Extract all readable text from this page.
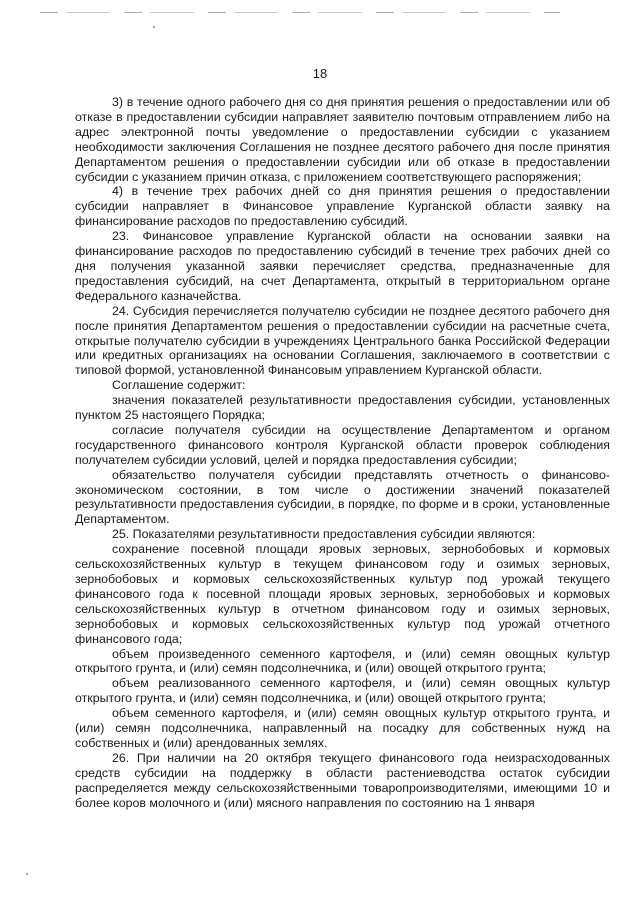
18

3) в течение одного рабочего дня со дня принятия решения о предоставлении или об отказе в предоставлении субсидии направляет заявителю почтовым отправлением либо на адрес электронной почты уведомление о предоставлении субсидии с указанием необходимости заключения Соглашения не позднее десятого рабочего дня после принятия Департаментом решения о предоставлении субсидии или об отказе в предоставлении субсидии с указанием причин отказа, с приложением соответствующего распоряжения;

4) в течение трех рабочих дней со дня принятия решения о предоставлении субсидии направляет в Финансовое управление Курганской области заявку на финансирование расходов по предоставлению субсидий.

23. Финансовое управление Курганской области на основании заявки на финансирование расходов по предоставлению субсидий в течение трех рабочих дней со дня получения указанной заявки перечисляет средства, предназначенные для предоставления субсидий, на счет Департамента, открытый в территориальном органе Федерального казначейства.

24. Субсидия перечисляется получателю субсидии не позднее десятого рабочего дня после принятия Департаментом решения о предоставлении субсидии на расчетные счета, открытые получателю субсидии в учреждениях Центрального банка Российской Федерации или кредитных организациях на основании Соглашения, заключаемого в соответствии с типовой формой, установленной Финансовым управлением Курганской области.

Соглашение содержит:

значения показателей результативности предоставления субсидии, установленных пунктом 25 настоящего Порядка;

согласие получателя субсидии на осуществление Департаментом и органом государственного финансового контроля Курганской области проверок соблюдения получателем субсидии условий, целей и порядка предоставления субсидии;

обязательство получателя субсидии представлять отчетность о финансово-экономическом состоянии, в том числе о достижении значений показателей результативности предоставления субсидии, в порядке, по форме и в сроки, установленные Департаментом.

25. Показателями результативности предоставления субсидии являются:

сохранение посевной площади яровых зерновых, зернобобовых и кормовых сельскохозяйственных культур в текущем финансовом году и озимых зерновых, зернобобовых и кормовых сельскохозяйственных культур под урожай текущего финансового года к посевной площади яровых зерновых, зернобобовых и кормовых сельскохозяйственных культур в отчетном финансовом году и озимых зерновых, зернобобовых и кормовых сельскохозяйственных культур под урожай отчетного финансового года;

объем произведенного семенного картофеля, и (или) семян овощных культур открытого грунта, и (или) семян подсолнечника, и (или) овощей открытого грунта;

объем реализованного семенного картофеля, и (или) семян овощных культур открытого грунта, и (или) семян подсолнечника, и (или) овощей открытого грунта;

объем семенного картофеля, и (или) семян овощных культур открытого грунта, и (или) семян подсолнечника, направленный на посадку для собственных нужд на собственных и (или) арендованных землях.

26. При наличии на 20 октября текущего финансового года неизрасходованных средств субсидии на поддержку в области растениеводства остаток субсидии распределяется между сельскохозяйственными товаропроизводителями, имеющими 10 и более коров молочного и (или) мясного направления по состоянию на 1 января
